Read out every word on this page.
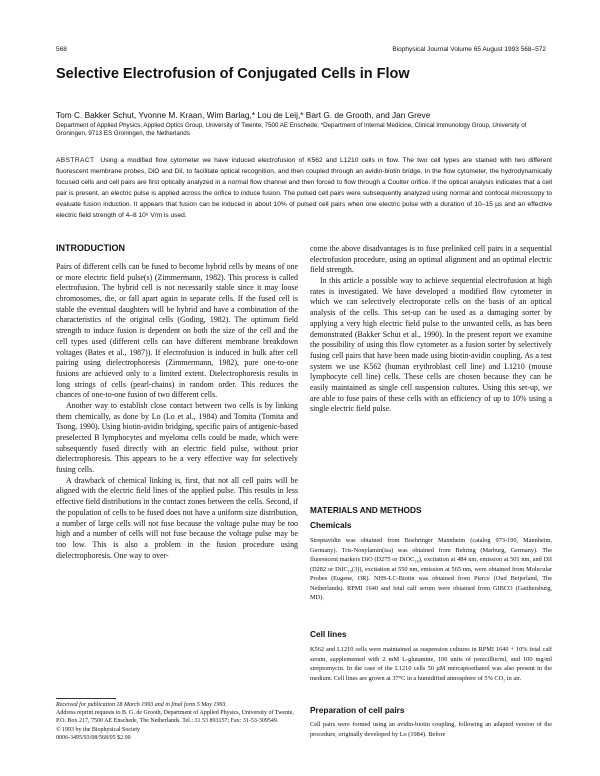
568	Biophysical Journal Volume 65 August 1993 568–572
Selective Electrofusion of Conjugated Cells in Flow
Tom C. Bakker Schut, Yvonne M. Kraan, Wim Barlag,* Lou de Leij,* Bart G. de Grooth, and Jan Greve
Department of Applied Physics, Applied Optics Group, University of Twente, 7500 AE Enschede; *Department of Internal Medicine, Clinical Immunology Group, University of Groningen, 9713 ES Groningen, the Netherlands
ABSTRACT Using a modified flow cytometer we have induced electrofusion of K562 and L1210 cells in flow. The two cell types are stained with two different fluorescent membrane probes, DiO and DiI, to facilitate optical recognition, and then coupled through an avidin-biotin bridge. In the flow cytometer, the hydrodynamically focused cells and cell pairs are first optically analyzed in a normal flow channel and then forced to flow through a Coulter orifice. If the optical analysis indicates that a cell pair is present, an electric pulse is applied across the orifice to induce fusion. The pulsed cell pairs were subsequently analyzed using normal and confocal microscopy to evaluate fusion induction. It appears that fusion can be induced in about 10% of pulsed cell pairs when one electric pulse with a duration of 10–15 µs and an effective electric field strength of 4–8 10⁶ V/m is used.
INTRODUCTION

Pairs of different cells can be fused to become hybrid cells by means of one or more electric field pulse(s) (Zimmermann, 1982). This process is called electrofusion. The hybrid cell is not necessarily stable since it may loose chromosomes, die, or fall apart again in separate cells. If the fused cell is stable the eventual daughters will be hybrid and have a combination of the characteristics of the original cells (Goding, 1982). The optimum field strength to induce fusion is dependent on both the size of the cell and the cell types used (different cells can have different membrane breakdown voltages (Bates et al., 1987)). If electrofusion is induced in bulk after cell pairing using dielectrophoresis (Zimmermann, 1982), pure one-to-one fusions are achieved only to a limited extent. Dielectrophoresis results in long strings of cells (pearl-chains) in random order. This reduces the chances of one-to-one fusion of two different cells.

Another way to establish close contact between two cells is by linking them chemically, as done by Lo (Lo et al., 1984) and Tomita (Tomita and Tsong, 1990). Using biotin-avidin bridging, specific pairs of antigenic-based preselected B lymphocytes and myeloma cells could be made, which were subsequently fused directly with an electric field pulse, without prior dielectrophoresis. This appears to be a very effective way for selectively fusing cells.

A drawback of chemical linking is, first, that not all cell pairs will be aligned with the electric field lines of the applied pulse. This results in less effective field distributions in the contact zones between the cells. Second, if the population of cells to be fused does not have a uniform size distribution, a number of large cells will not fuse because the voltage pulse may be too high and a number of cells will not fuse because the voltage pulse may be too low. This is also a problem in the fusion procedure using dielectrophoresis. One way to over-

come the above disadvantages is to fuse prelinked cell pairs in a sequential electrofusion procedure, using an optimal alignment and an optimal electric field strength.

In this article a possible way to achieve sequential electrofusion at high rates is investigated. We have developed a modified flow cytometer in which we can selectively electroporate cells on the basis of an optical analysis of the cells. This set-up can be used as a damaging sorter by applying a very high electric field pulse to the unwanted cells, as has been demonstrated (Bakker Schut et al., 1990). In the present report we examine the possibility of using this flow cytometer as a fusion sorter by selectively fusing cell pairs that have been made using biotin-avidin coupling. As a test system we use K562 (human erythroblast cell line) and L1210 (mouse lymphocyte cell line) cells. These cells are chosen because they can be easily maintained as single cell suspension cultures. Using this set-up, we are able to fuse pairs of these cells with an efficiency of up to 10% using a single electric field pulse.

MATERIALS AND METHODS
Chemicals

Streptavidin was obtained from Boehringer Mannheim (catalog 973-190, Mannheim, Germany). Tris-Nonylamin(isa) was obtained from Behring (Marburg, Germany). The fluorescent markers DiO (D275 or DiOC₁₈), excitation at 484 nm, emission at 501 nm, and DiI (D282 or DiIC₁₈(3)), excitation at 550 nm, emission at 565 nm, were obtained from Molecular Probes (Eugene, OR). NHS-LC-Biotin was obtained from Pierce (Oud Beijerland, The Netherlands). RPMI 1640 and fetal calf serum were obtained from GIBCO (Gaithersburg, MD).

Cell lines

K562 and L1210 cells were maintained as suspension cultures in RPMI 1640 + 10% fetal calf serum, supplemented with 2 mM L-glutamine, 100 units of penicillin/ml, and 100 mg/ml streptomycin. In the case of the L1210 cells 50 µM mercaptoethanol was also present in the medium. Cell lines are grown at 37°C in a humidified atmosphere of 5% CO₂ in air.

Preparation of cell pairs

Cell pairs were formed using an avidin-biotin coupling, following an adapted version of the procedure, originally developed by Lo (1984). Before

Received for publication 18 March 1993 and in final form 5 May 1993.

Address reprint requests to B. G. de Grooth, Department of Applied Physics, University of Twente, P.O. Box 217, 7500 AE Enschede, The Netherlands. Tel.: 31 53 893157; Fax: 31-53-309549.

© 1993 by the Biophysical Society

0006-3495/93/08/568/05 $2.00
